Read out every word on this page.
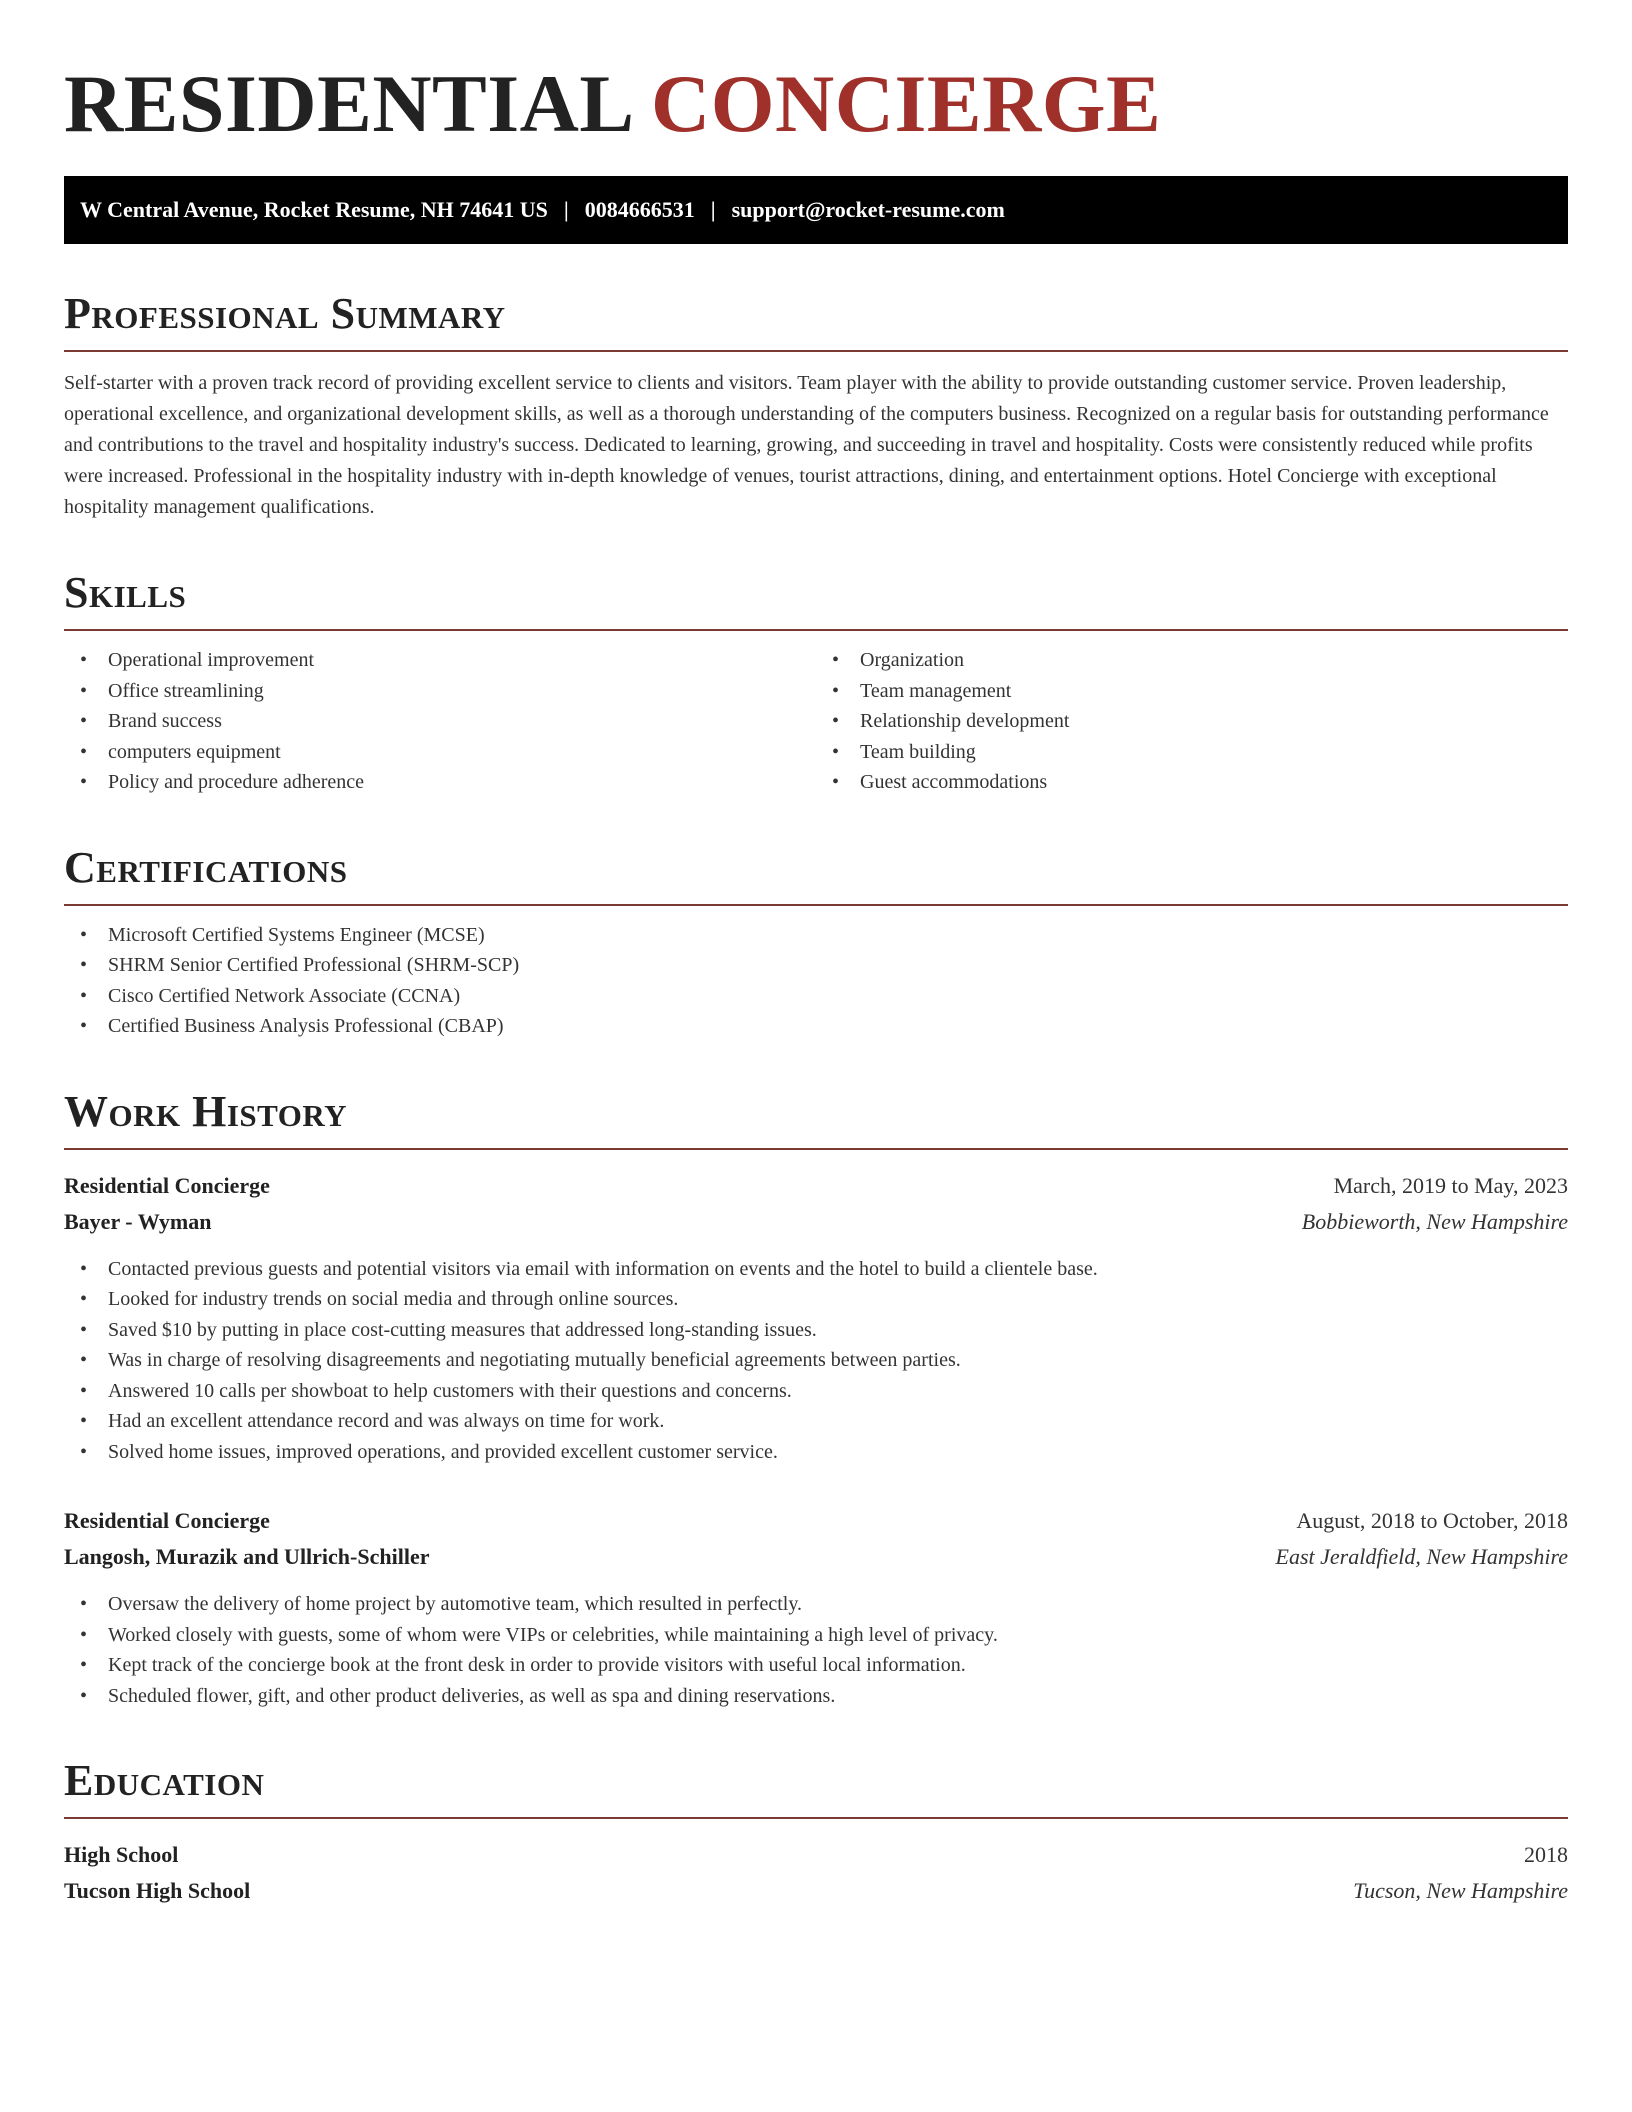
RESIDENTIAL CONCIERGE
W Central Avenue, Rocket Resume, NH 74641 US | 0084666531 | support@rocket-resume.com
Professional Summary

Self-starter with a proven track record of providing excellent service to clients and visitors. Team player with the ability to provide outstanding customer service. Proven leadership, operational excellence, and organizational development skills, as well as a thorough understanding of the computers business. Recognized on a regular basis for outstanding performance and contributions to the travel and hospitality industry's success. Dedicated to learning, growing, and succeeding in travel and hospitality. Costs were consistently reduced while profits were increased. Professional in the hospitality industry with in-depth knowledge of venues, tourist attractions, dining, and entertainment options. Hotel Concierge with exceptional hospitality management qualifications.

Skills
• Operational improvement
• Office streamlining
• Brand success
• computers equipment
• Policy and procedure adherence
• Organization
• Team management
• Relationship development
• Team building
• Guest accommodations
Certifications
• Microsoft Certified Systems Engineer (MCSE)
• SHRM Senior Certified Professional (SHRM-SCP)
• Cisco Certified Network Associate (CCNA)
• Certified Business Analysis Professional (CBAP)
Work History
Residential Concierge	March, 2019 to May, 2023
Bayer - Wyman	Bobbieworth, New Hampshire
• Contacted previous guests and potential visitors via email with information on events and the hotel to build a clientele base.
• Looked for industry trends on social media and through online sources.
• Saved $10 by putting in place cost-cutting measures that addressed long-standing issues.
• Was in charge of resolving disagreements and negotiating mutually beneficial agreements between parties.
• Answered 10 calls per showboat to help customers with their questions and concerns.
• Had an excellent attendance record and was always on time for work.
• Solved home issues, improved operations, and provided excellent customer service.
Residential Concierge	August, 2018 to October, 2018
Langosh, Murazik and Ullrich-Schiller	East Jeraldfield, New Hampshire
• Oversaw the delivery of home project by automotive team, which resulted in perfectly.
• Worked closely with guests, some of whom were VIPs or celebrities, while maintaining a high level of privacy.
• Kept track of the concierge book at the front desk in order to provide visitors with useful local information.
• Scheduled flower, gift, and other product deliveries, as well as spa and dining reservations.
Education
High School	2018
Tucson High School	Tucson, New Hampshire
